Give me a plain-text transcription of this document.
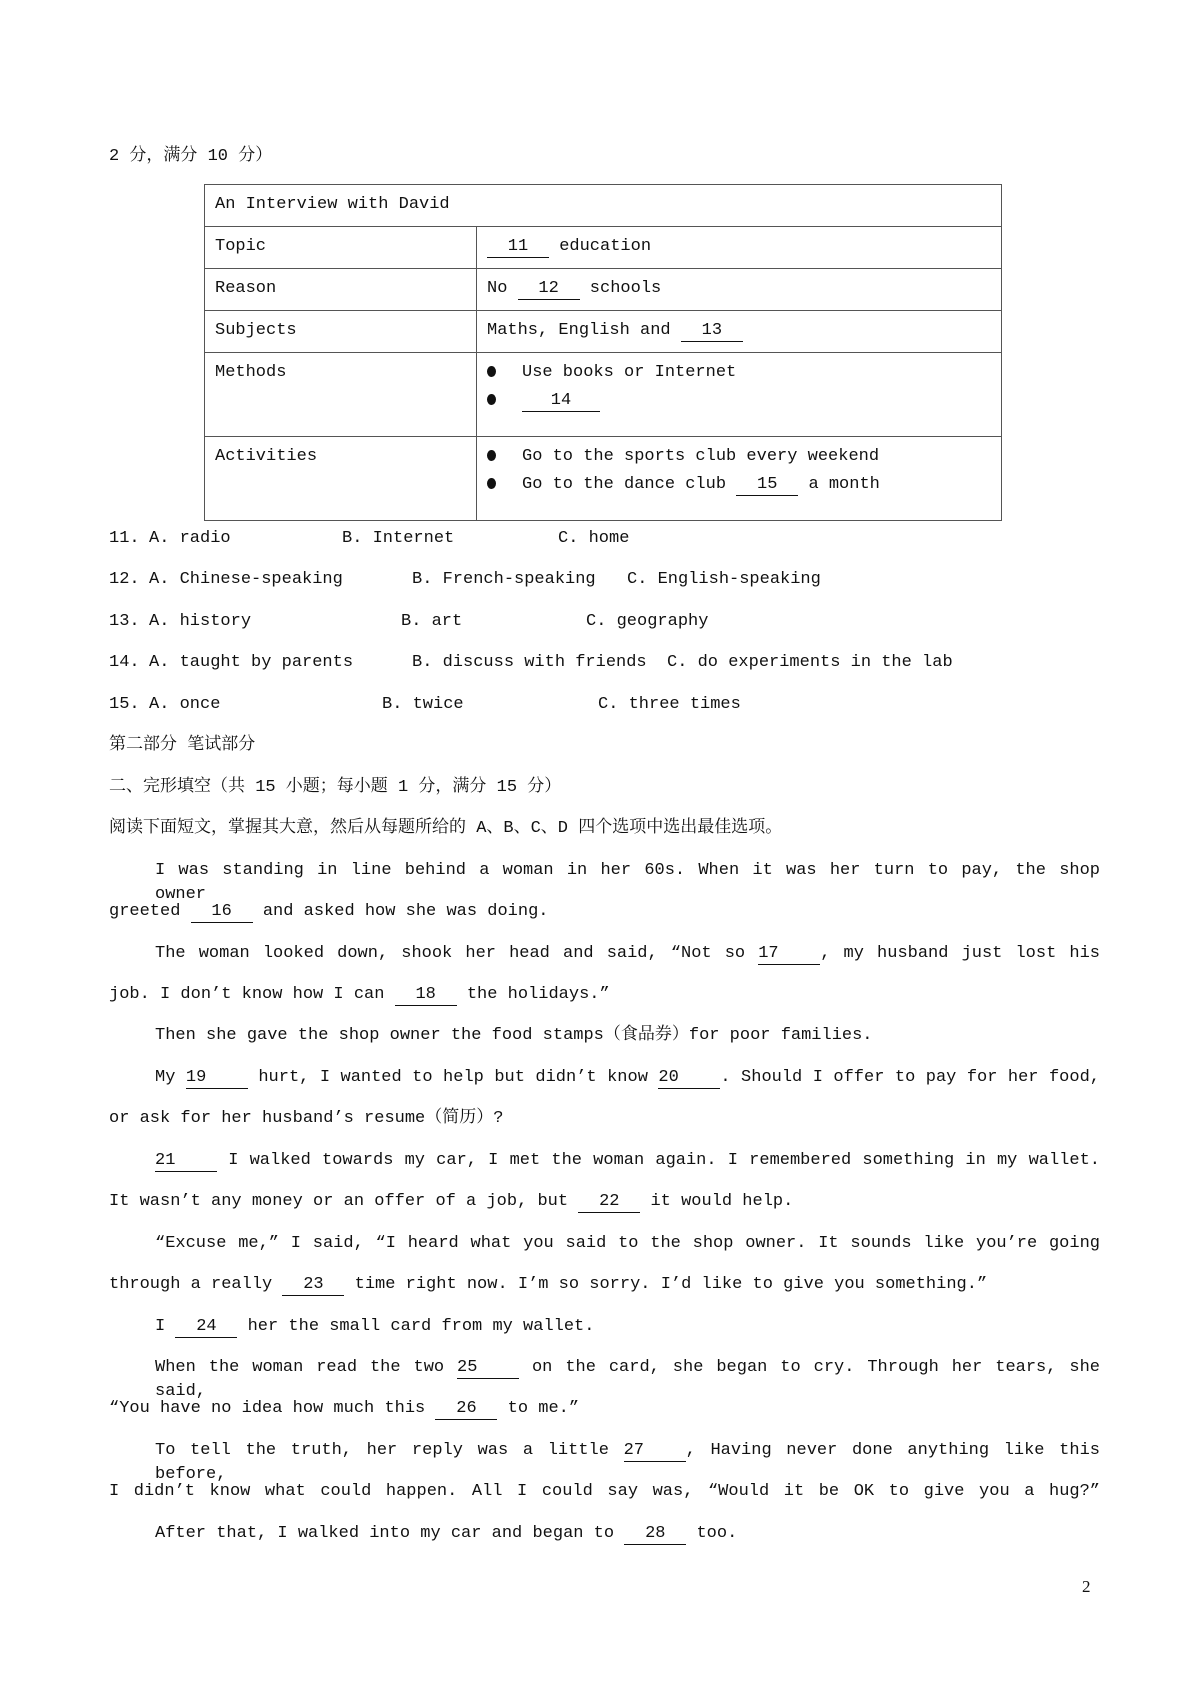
2 分，满分 10 分）
An Interview with David	
Topic	11 education
Reason	No 12 schools
Subjects	Maths, English and 13
Methods	Use books or Internet
14
Activities	Go to the sports club every weekend
Go to the dance club 15 a month
11. A. radio	B. Internet	C. home
12. A. Chinese-speaking	B. French-speaking C. English-speaking
13. A. history	B. art	C. geography
14. A. taught by parents	B. discuss with friends C. do experiments in the lab
15. A. once	B. twice	C. three times
第二部分 笔试部分
二、完形填空（共 15 小题；每小题 1 分，满分 15 分）
阅读下面短文，掌握其大意，然后从每题所给的 A、B、C、D 四个选项中选出最佳选项。
I was standing in line behind a woman in her 60s. When it was her turn to pay, the shop owner
greeted 16 and asked how she was doing.
The woman looked down, shook her head and said, “Not so 17 , my husband just lost his
job. I don’t know how I can 18 the holidays.”
Then she gave the shop owner the food stamps（食品券）for poor families.
My 19 hurt, I wanted to help but didn’t know 20 . Should I offer to pay for her food,
or ask for her husband’s resume（简历）?
21 I walked towards my car, I met the woman again. I remembered something in my wallet.
It wasn’t any money or an offer of a job, but 22 it would help.
“Excuse me,” I said, “I heard what you said to the shop owner. It sounds like you’re going
through a really 23 time right now. I’m so sorry. I’d like to give you something.”
I 24 her the small card from my wallet.
When the woman read the two 25 on the card, she began to cry. Through her tears, she said,
“You have no idea how much this 26 to me.”
To tell the truth, her reply was a little 27 , Having never done anything like this before,
I didn’t know what could happen. All I could say was, “Would it be OK to give you a hug?”
After that, I walked into my car and began to 28 too.
2
